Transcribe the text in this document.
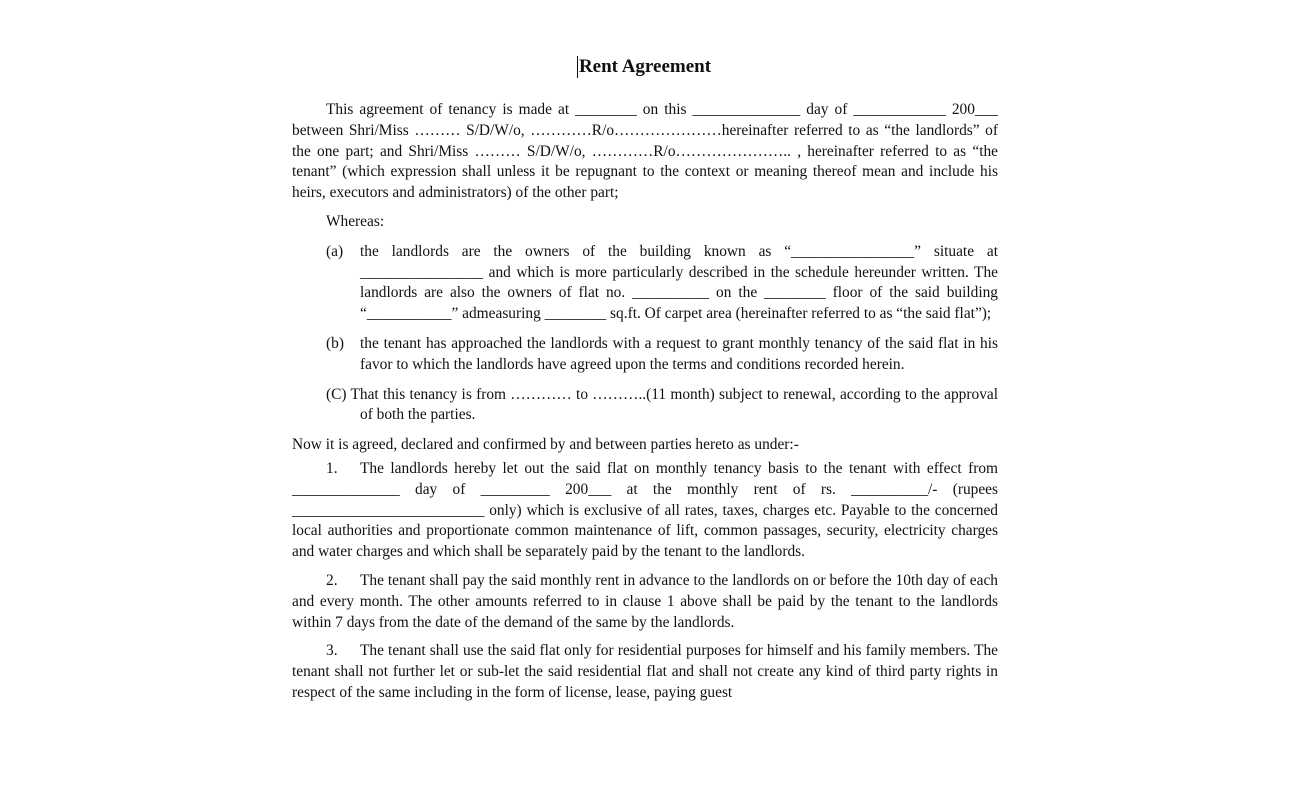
Rent Agreement

This agreement of tenancy is made at ________ on this ______________ day of ____________ 200___ between Shri/Miss ……… S/D/W/o, …………R/o…………………hereinafter referred to as “the landlords” of the one part; and Shri/Miss ……… S/D/W/o, …………R/o………………….. , hereinafter referred to as “the tenant” (which expression shall unless it be repugnant to the context or meaning thereof mean and include his heirs, executors and administrators) of the other part;

Whereas:

(a) the landlords are the owners of the building known as “________________” situate at ________________ and which is more particularly described in the schedule hereunder written. The landlords are also the owners of flat no. __________ on the ________ floor of the said building “___________” admeasuring ________ sq.ft. Of carpet area (hereinafter referred to as “the said flat”);
(b) the tenant has approached the landlords with a request to grant monthly tenancy of the said flat in his favor to which the landlords have agreed upon the terms and conditions recorded herein.

(C) That this tenancy is from ………… to ………..(11 month) subject to renewal, according to the approval of both the parties.

Now it is agreed, declared and confirmed by and between parties hereto as under:-

1. The landlords hereby let out the said flat on monthly tenancy basis to the tenant with effect from ______________ day of _________ 200___ at the monthly rent of rs. __________/- (rupees _________________________ only) which is exclusive of all rates, taxes, charges etc. Payable to the concerned local authorities and proportionate common maintenance of lift, common passages, security, electricity charges and water charges and which shall be separately paid by the tenant to the landlords.

2. The tenant shall pay the said monthly rent in advance to the landlords on or before the 10th day of each and every month. The other amounts referred to in clause 1 above shall be paid by the tenant to the landlords within 7 days from the date of the demand of the same by the landlords.

3. The tenant shall use the said flat only for residential purposes for himself and his family members. The tenant shall not further let or sub-let the said residential flat and shall not create any kind of third party rights in respect of the same including in the form of license, lease, paying guest
